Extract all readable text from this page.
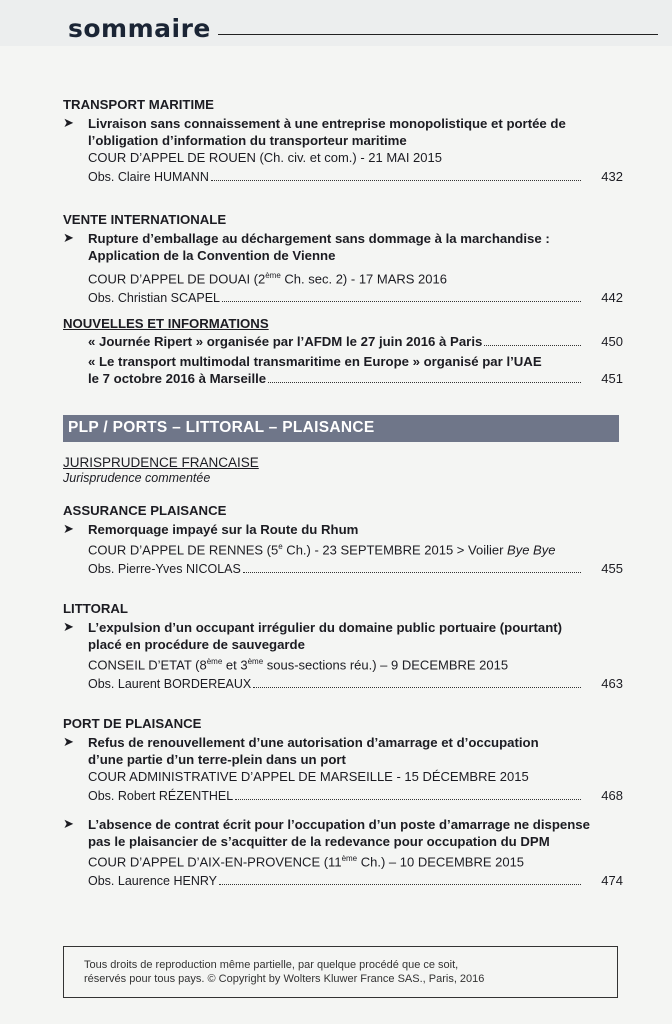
sommaire
TRANSPORT MARITIME
➤ Livraison sans connaissement à une entreprise monopolistique et portée de
l’obligation d’information du transporteur maritime
COUR D’APPEL DE ROUEN (Ch. civ. et com.) - 21 MAI 2015
Obs. Claire HUMANN	432
VENTE INTERNATIONALE
➤ Rupture d’emballage au déchargement sans dommage à la marchandise :
Application de la Convention de Vienne
COUR D’APPEL DE DOUAI (2ème Ch. sec. 2) - 17 MARS 2016
Obs. Christian SCAPEL	442
NOUVELLES ET INFORMATIONS
« Journée Ripert » organisée par l’AFDM le 27 juin 2016 à Paris	450
« Le transport multimodal transmaritime en Europe » organisé par l’UAE
le 7 octobre 2016 à Marseille	451
PLP / PORTS – LITTORAL – PLAISANCE
JURISPRUDENCE FRANCAISE
Jurisprudence commentée
ASSURANCE PLAISANCE
➤ Remorquage impayé sur la Route du Rhum
COUR D’APPEL DE RENNES (5e Ch.) - 23 SEPTEMBRE 2015 > Voilier Bye Bye
Obs. Pierre-Yves NICOLAS	455
LITTORAL
➤ L’expulsion d’un occupant irrégulier du domaine public portuaire (pourtant)
placé en procédure de sauvegarde
CONSEIL D’ETAT (8ème et 3ème sous-sections réu.) – 9 DECEMBRE 2015
Obs. Laurent BORDEREAUX	463
PORT DE PLAISANCE
➤ Refus de renouvellement d’une autorisation d’amarrage et d’occupation
d’une partie d’un terre-plein dans un port
COUR ADMINISTRATIVE D’APPEL DE MARSEILLE - 15 DÉCEMBRE 2015
Obs. Robert RÉZENTHEL	468
➤ L’absence de contrat écrit pour l’occupation d’un poste d’amarrage ne dispense
pas le plaisancier de s’acquitter de la redevance pour occupation du DPM
COUR D’APPEL D’AIX-EN-PROVENCE (11ème Ch.) – 10 DECEMBRE 2015
Obs. Laurence HENRY	474
Tous droits de reproduction même partielle, par quelque procédé que ce soit,
réservés pour tous pays. © Copyright by Wolters Kluwer France SAS., Paris, 2016
